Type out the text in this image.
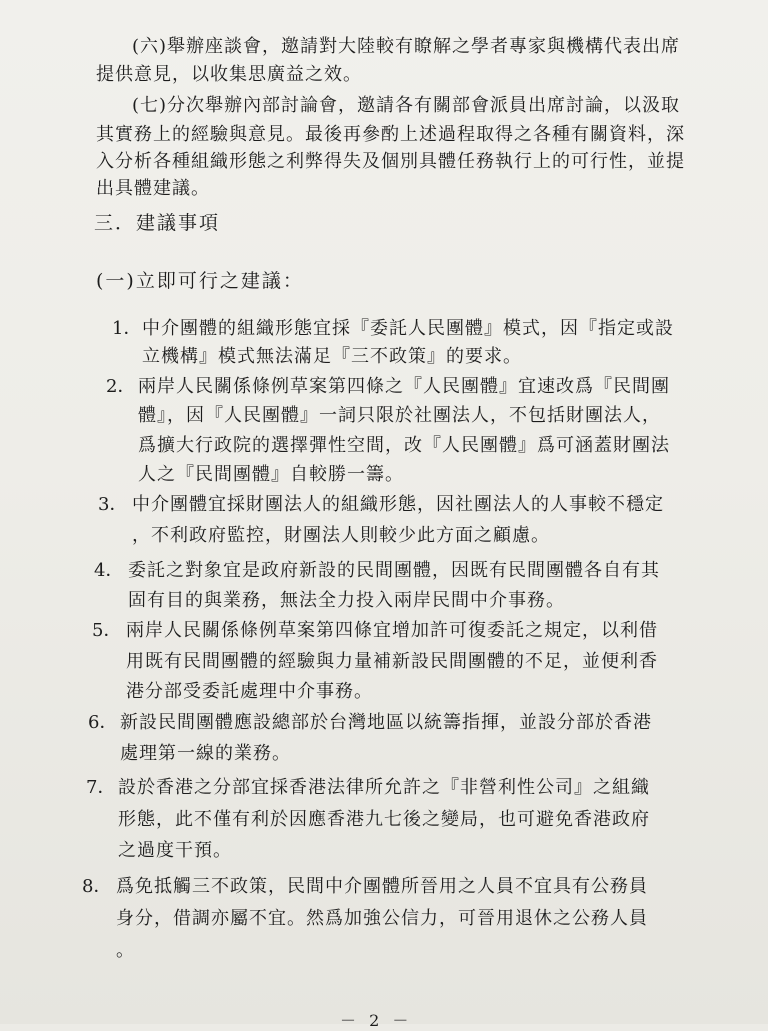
(六)舉辦座談會，邀請對大陸較有瞭解之學者專家與機構代表出席
提供意見，以收集思廣益之效。
(七)分次舉辦內部討論會，邀請各有關部會派員出席討論，以汲取
其實務上的經驗與意見。最後再參酌上述過程取得之各種有關資料，深
入分析各種組織形態之利弊得失及個別具體任務執行上的可行性，並提
出具體建議。
三．建議事項
(一)立即可行之建議：
1． 中介團體的組織形態宜採『委託人民團體』模式，因『指定或設
立機構』模式無法滿足『三不政策』的要求。
2． 兩岸人民關係條例草案第四條之『人民團體』宜速改爲『民間團
體』，因『人民團體』一詞只限於社團法人，不包括財團法人，
爲擴大行政院的選擇彈性空間，改『人民團體』爲可涵蓋財團法
人之『民間團體』自較勝一籌。
3． 中介團體宜採財團法人的組織形態，因社團法人的人事較不穩定
，不利政府監控，財團法人則較少此方面之顧慮。
4． 委託之對象宜是政府新設的民間團體，因既有民間團體各自有其
固有目的與業務，無法全力投入兩岸民間中介事務。
5． 兩岸人民關係條例草案第四條宜增加許可復委託之規定，以利借
用既有民間團體的經驗與力量補新設民間團體的不足，並便利香
港分部受委託處理中介事務。
6． 新設民間團體應設總部於台灣地區以統籌指揮，並設分部於香港
處理第一線的業務。
7． 設於香港之分部宜採香港法律所允許之『非營利性公司』之組織
形態，此不僅有利於因應香港九七後之變局，也可避免香港政府
之過度干預。
8． 爲免抵觸三不政策，民間中介團體所晉用之人員不宜具有公務員
身分，借調亦屬不宜。然爲加強公信力，可晉用退休之公務人員
。
－ 2 －
